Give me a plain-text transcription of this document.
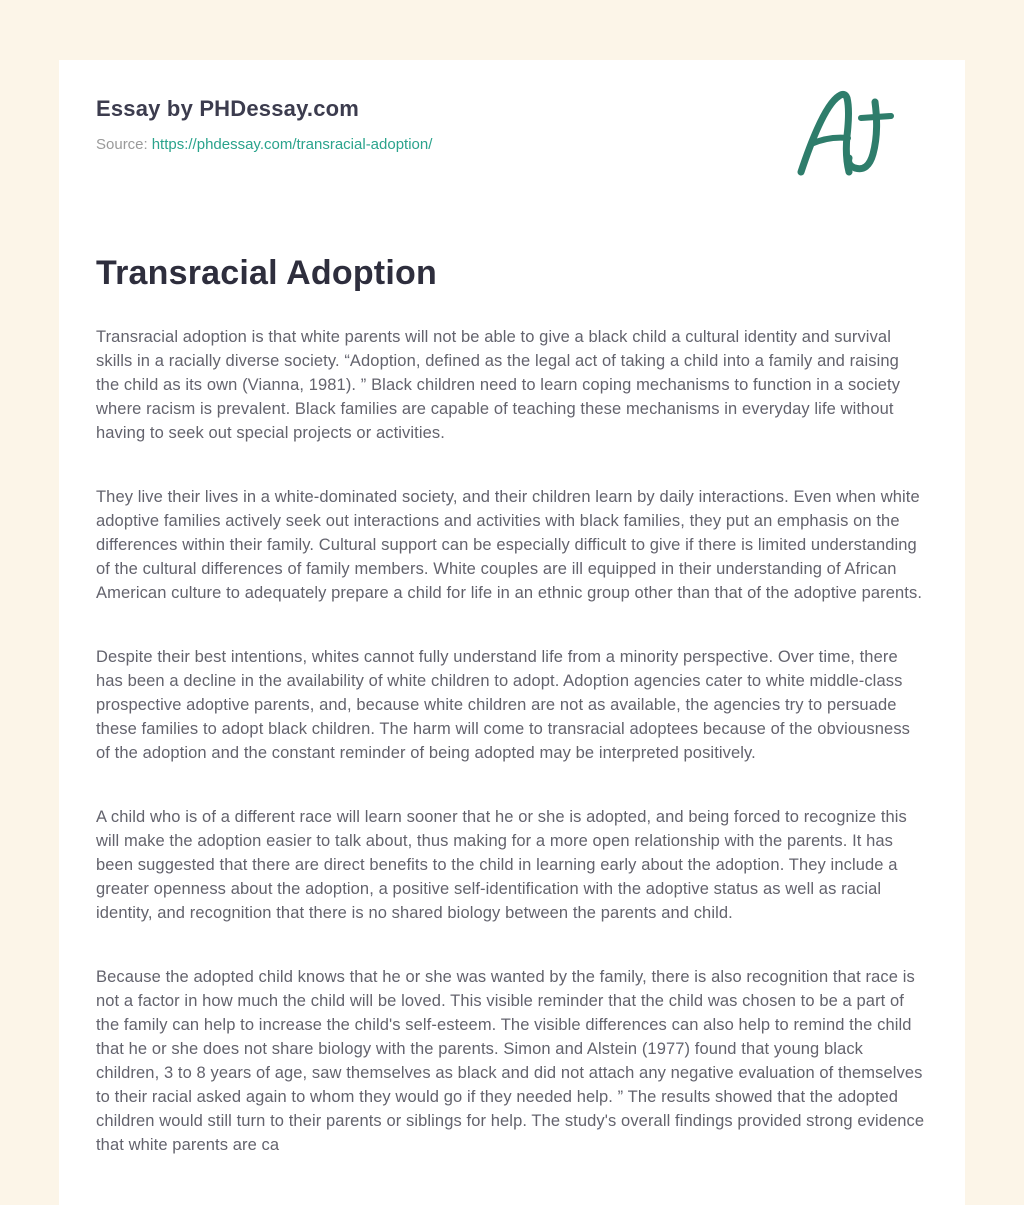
Essay by PHDessay.com
Source: https://phdessay.com/transracial-adoption/
Transracial Adoption

Transracial adoption is that white parents will not be able to give a black child a cultural identity and survival skills in a racially diverse society. “Adoption, defined as the legal act of taking a child into a family and raising the child as its own (Vianna, 1981). ” Black children need to learn coping mechanisms to function in a society where racism is prevalent. Black families are capable of teaching these mechanisms in everyday life without having to seek out special projects or activities.

They live their lives in a white-dominated society, and their children learn by daily interactions. Even when white adoptive families actively seek out interactions and activities with black families, they put an emphasis on the differences within their family. Cultural support can be especially difficult to give if there is limited understanding of the cultural differences of family members. White couples are ill equipped in their understanding of African American culture to adequately prepare a child for life in an ethnic group other than that of the adoptive parents.

Despite their best intentions, whites cannot fully understand life from a minority perspective. Over time, there has been a decline in the availability of white children to adopt. Adoption agencies cater to white middle-class prospective adoptive parents, and, because white children are not as available, the agencies try to persuade these families to adopt black children. The harm will come to transracial adoptees because of the obviousness of the adoption and the constant reminder of being adopted may be interpreted positively.

A child who is of a different race will learn sooner that he or she is adopted, and being forced to recognize this will make the adoption easier to talk about, thus making for a more open relationship with the parents. It has been suggested that there are direct benefits to the child in learning early about the adoption. They include a greater openness about the adoption, a positive self-identification with the adoptive status as well as racial identity, and recognition that there is no shared biology between the parents and child.

Because the adopted child knows that he or she was wanted by the family, there is also recognition that race is not a factor in how much the child will be loved. This visible reminder that the child was chosen to be a part of the family can help to increase the child's self-esteem. The visible differences can also help to remind the child that he or she does not share biology with the parents. Simon and Alstein (1977) found that young black children, 3 to 8 years of age, saw themselves as black and did not attach any negative evaluation of themselves to their racial asked again to whom they would go if they needed help. ” The results showed that the adopted children would still turn to their parents or siblings for help. The study's overall findings provided strong evidence that white parents are ca
